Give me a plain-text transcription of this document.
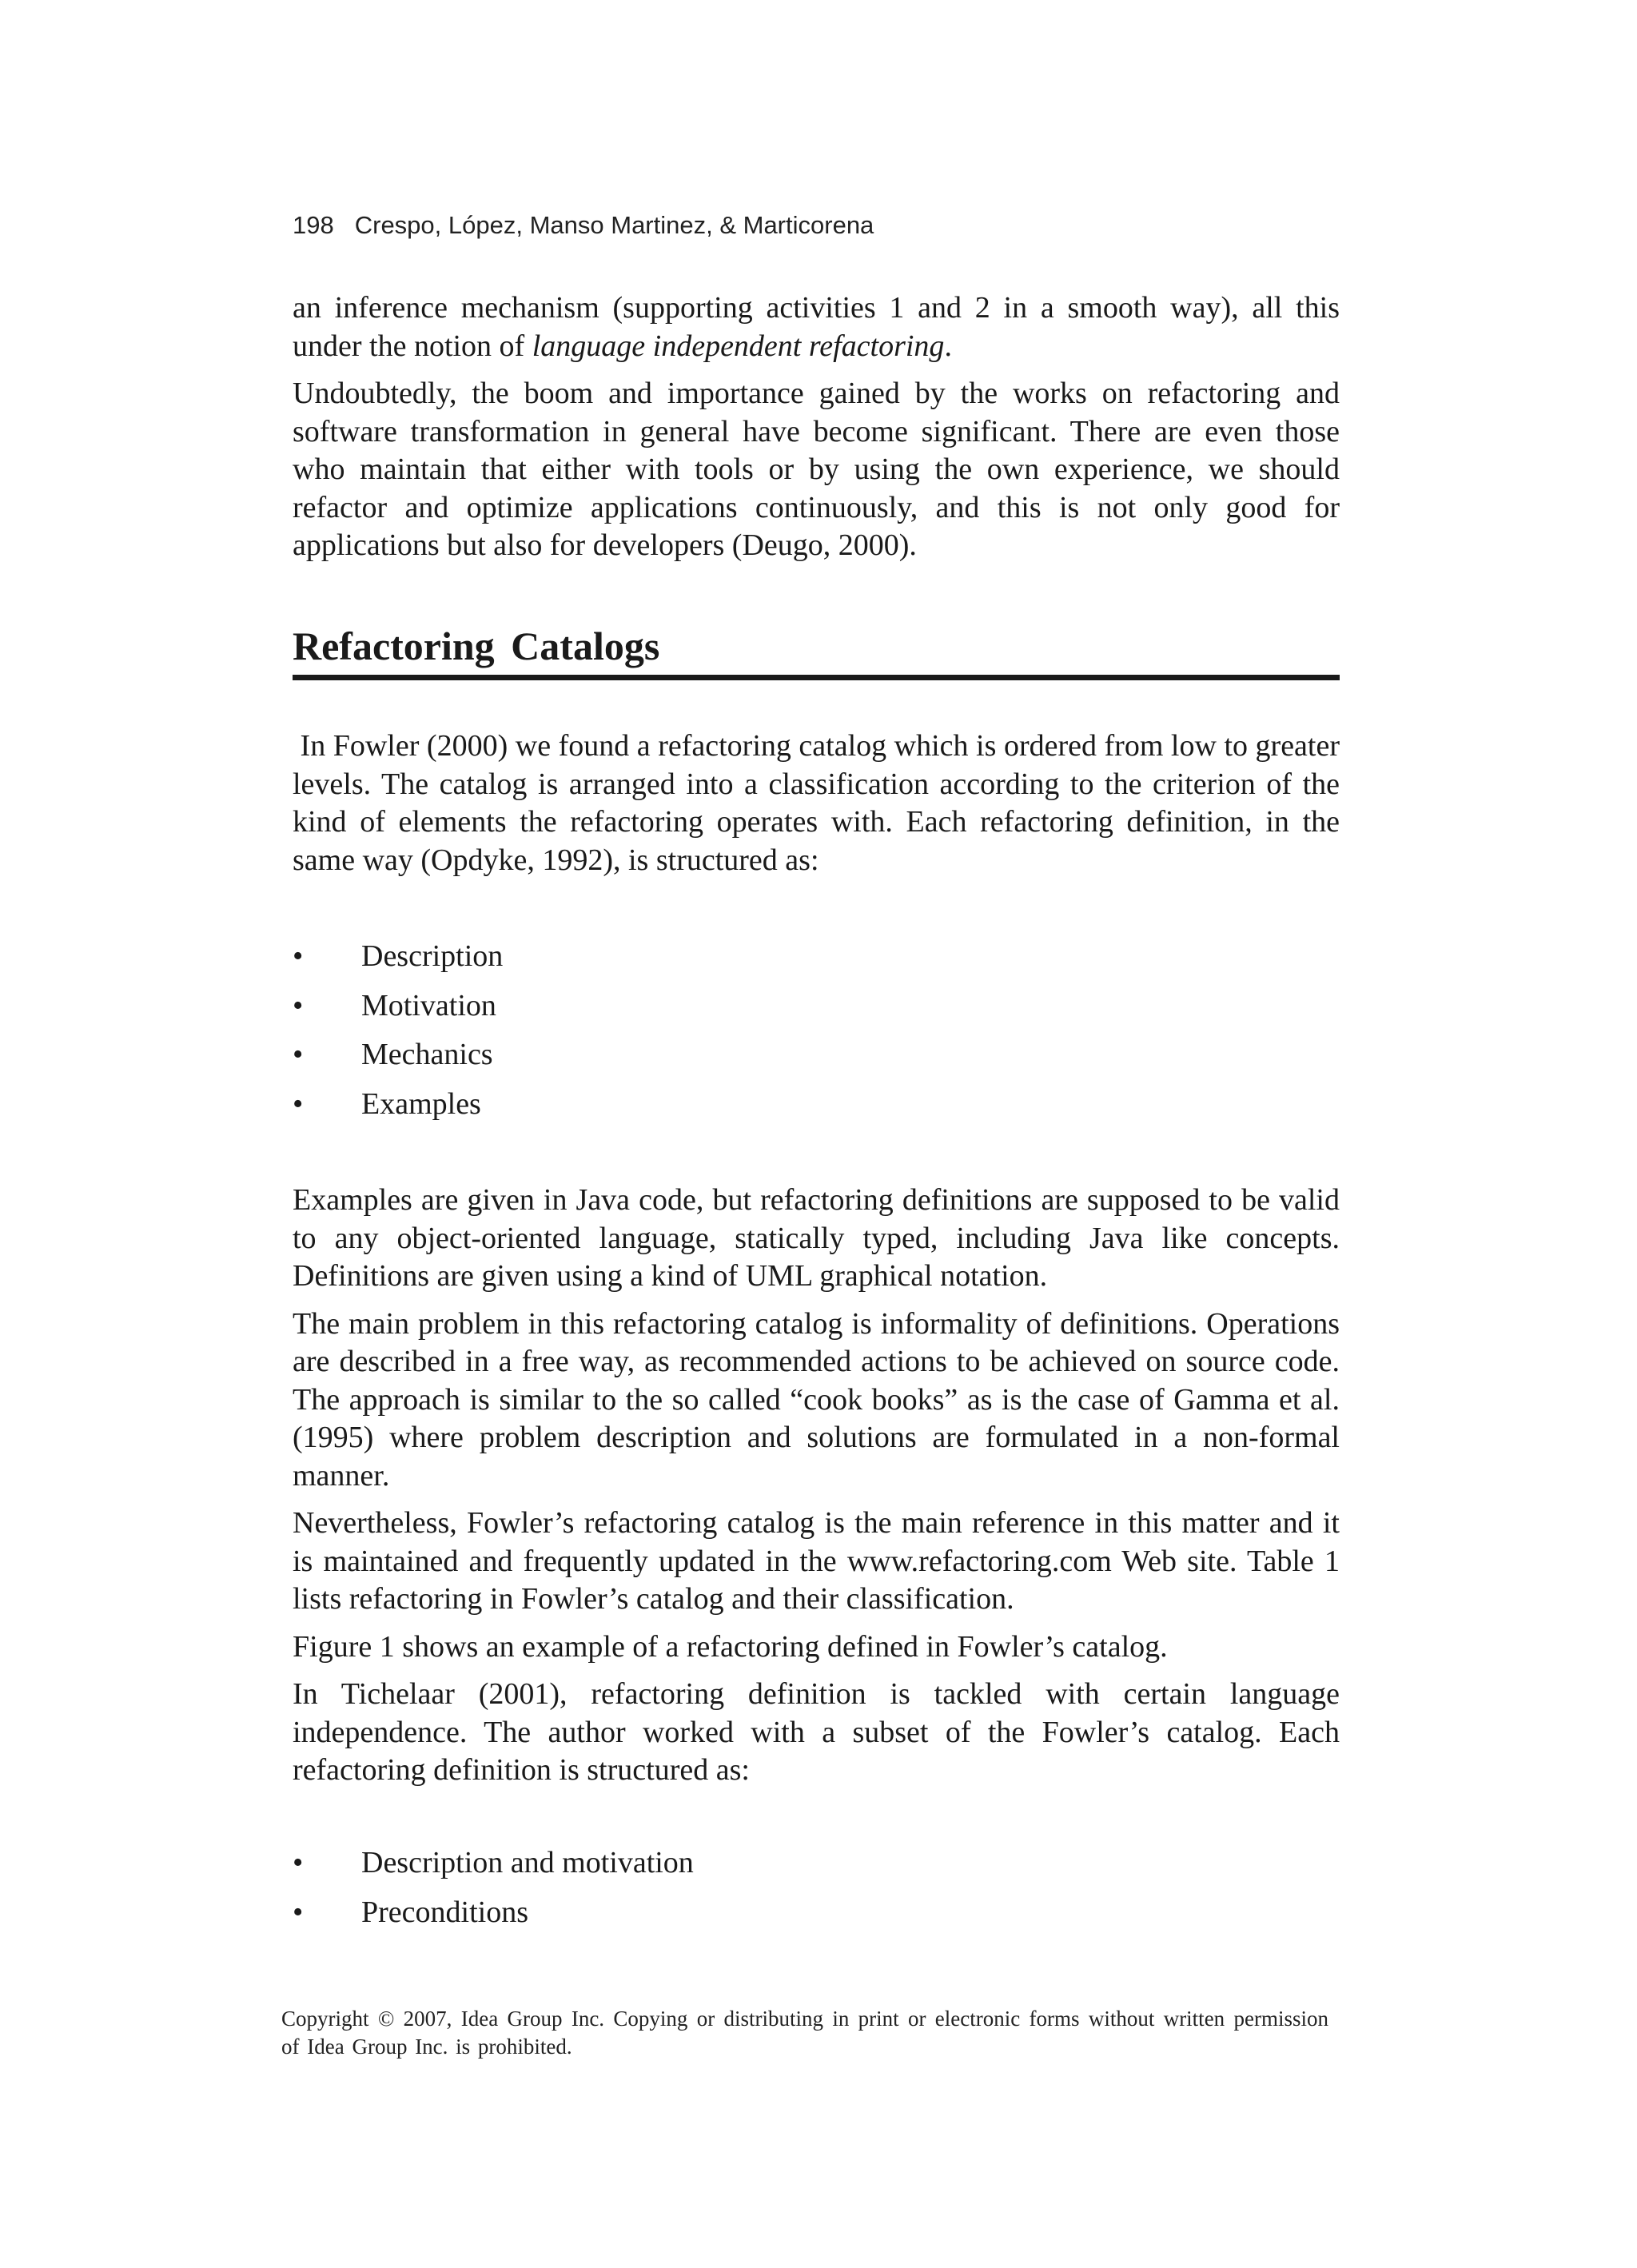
198 Crespo, López, Manso Martinez, & Marticorena

an inference mechanism (supporting activities 1 and 2 in a smooth way), all this under the notion of language independent refactoring.

Undoubtedly, the boom and importance gained by the works on refactoring and software transformation in general have become significant. There are even those who maintain that either with tools or by using the own experience, we should refactor and optimize applications continuously, and this is not only good for applications but also for developers (Deugo, 2000).

Refactoring Catalogs

In Fowler (2000) we found a refactoring catalog which is ordered from low to greater levels. The catalog is arranged into a classification according to the criterion of the kind of elements the refactoring operates with. Each refactoring definition, in the same way (Opdyke, 1992), is structured as:

• Description
• Motivation
• Mechanics
• Examples

Examples are given in Java code, but refactoring definitions are supposed to be valid to any object-oriented language, statically typed, including Java like concepts. Definitions are given using a kind of UML graphical notation.

The main problem in this refactoring catalog is informality of definitions. Operations are described in a free way, as recommended actions to be achieved on source code. The approach is similar to the so called “cook books” as is the case of Gamma et al. (1995) where problem description and solutions are formulated in a non-formal manner.

Nevertheless, Fowler’s refactoring catalog is the main reference in this matter and it is maintained and frequently updated in the www.refactoring.com Web site. Table 1 lists refactoring in Fowler’s catalog and their classification.

Figure 1 shows an example of a refactoring defined in Fowler’s catalog.

In Tichelaar (2001), refactoring definition is tackled with certain language independence. The author worked with a subset of the Fowler’s catalog. Each refactoring definition is structured as:

• Description and motivation
• Preconditions
Copyright © 2007, Idea Group Inc. Copying or distributing in print or electronic forms without written permission of Idea Group Inc. is prohibited.
